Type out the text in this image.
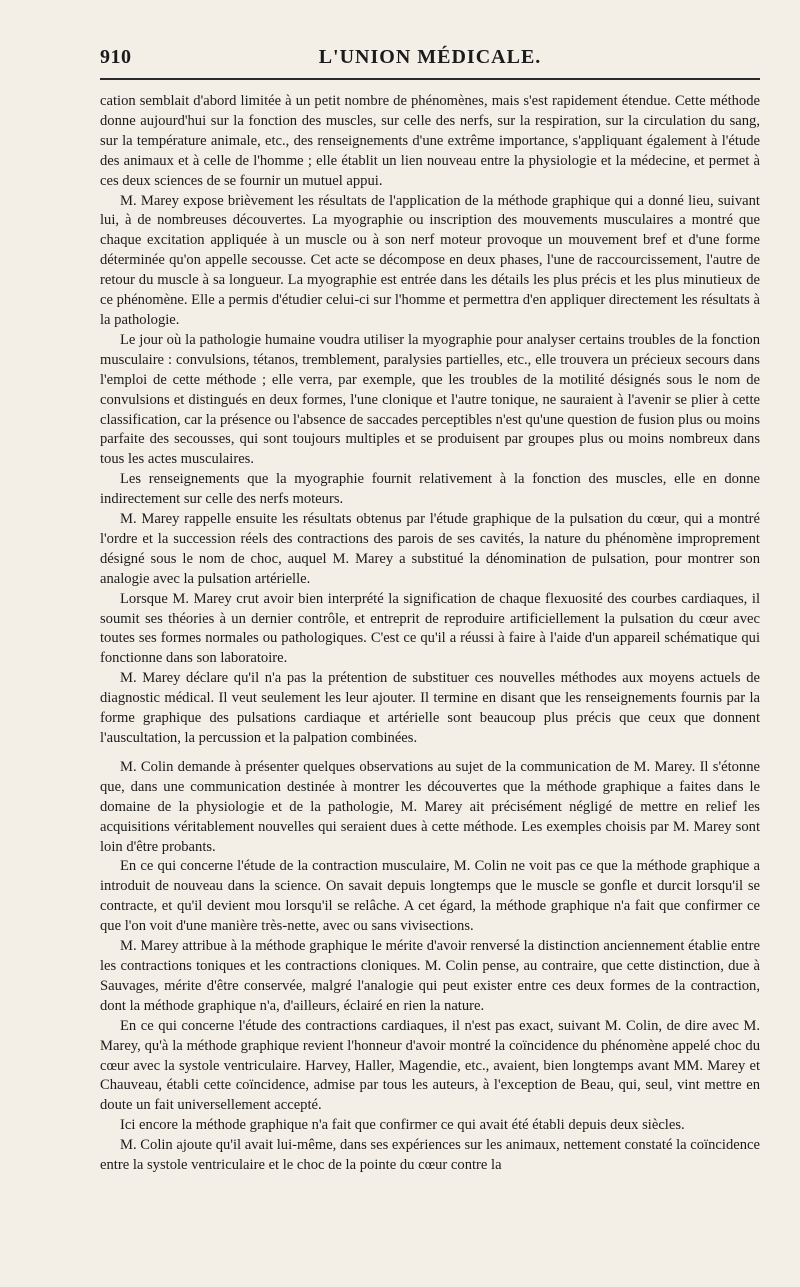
910	L'UNION MÉDICALE.

cation semblait d'abord limitée à un petit nombre de phénomènes, mais s'est rapidement étendue. Cette méthode donne aujourd'hui sur la fonction des muscles, sur celle des nerfs, sur la respiration, sur la circulation du sang, sur la température animale, etc., des renseignements d'une extrême importance, s'appliquant également à l'étude des animaux et à celle de l'homme ; elle établit un lien nouveau entre la physiologie et la médecine, et permet à ces deux sciences de se fournir un mutuel appui.

M. Marey expose brièvement les résultats de l'application de la méthode graphique qui a donné lieu, suivant lui, à de nombreuses découvertes. La myographie ou inscription des mouvements musculaires a montré que chaque excitation appliquée à un muscle ou à son nerf moteur provoque un mouvement bref et d'une forme déterminée qu'on appelle secousse. Cet acte se décompose en deux phases, l'une de raccourcissement, l'autre de retour du muscle à sa longueur. La myographie est entrée dans les détails les plus précis et les plus minutieux de ce phénomène. Elle a permis d'étudier celui-ci sur l'homme et permettra d'en appliquer directement les résultats à la pathologie.

Le jour où la pathologie humaine voudra utiliser la myographie pour analyser certains troubles de la fonction musculaire : convulsions, tétanos, tremblement, paralysies partielles, etc., elle trouvera un précieux secours dans l'emploi de cette méthode ; elle verra, par exemple, que les troubles de la motilité désignés sous le nom de convulsions et distingués en deux formes, l'une clonique et l'autre tonique, ne sauraient à l'avenir se plier à cette classification, car la présence ou l'absence de saccades perceptibles n'est qu'une question de fusion plus ou moins parfaite des secousses, qui sont toujours multiples et se produisent par groupes plus ou moins nombreux dans tous les actes musculaires.

Les renseignements que la myographie fournit relativement à la fonction des muscles, elle en donne indirectement sur celle des nerfs moteurs.

M. Marey rappelle ensuite les résultats obtenus par l'étude graphique de la pulsation du cœur, qui a montré l'ordre et la succession réels des contractions des parois de ses cavités, la nature du phénomène improprement désigné sous le nom de choc, auquel M. Marey a substitué la dénomination de pulsation, pour montrer son analogie avec la pulsation artérielle.

Lorsque M. Marey crut avoir bien interprété la signification de chaque flexuosité des courbes cardiaques, il soumit ses théories à un dernier contrôle, et entreprit de reproduire artificiellement la pulsation du cœur avec toutes ses formes normales ou pathologiques. C'est ce qu'il a réussi à faire à l'aide d'un appareil schématique qui fonctionne dans son laboratoire.

M. Marey déclare qu'il n'a pas la prétention de substituer ces nouvelles méthodes aux moyens actuels de diagnostic médical. Il veut seulement les leur ajouter. Il termine en disant que les renseignements fournis par la forme graphique des pulsations cardiaque et artérielle sont beaucoup plus précis que ceux que donnent l'auscultation, la percussion et la palpation combinées.

M. Colin demande à présenter quelques observations au sujet de la communication de M. Marey. Il s'étonne que, dans une communication destinée à montrer les découvertes que la méthode graphique a faites dans le domaine de la physiologie et de la pathologie, M. Marey ait précisément négligé de mettre en relief les acquisitions véritablement nouvelles qui seraient dues à cette méthode. Les exemples choisis par M. Marey sont loin d'être probants.

En ce qui concerne l'étude de la contraction musculaire, M. Colin ne voit pas ce que la méthode graphique a introduit de nouveau dans la science. On savait depuis longtemps que le muscle se gonfle et durcit lorsqu'il se contracte, et qu'il devient mou lorsqu'il se relâche. A cet égard, la méthode graphique n'a fait que confirmer ce que l'on voit d'une manière très-nette, avec ou sans vivisections.

M. Marey attribue à la méthode graphique le mérite d'avoir renversé la distinction anciennement établie entre les contractions toniques et les contractions cloniques. M. Colin pense, au contraire, que cette distinction, due à Sauvages, mérite d'être conservée, malgré l'analogie qui peut exister entre ces deux formes de la contraction, dont la méthode graphique n'a, d'ailleurs, éclairé en rien la nature.

En ce qui concerne l'étude des contractions cardiaques, il n'est pas exact, suivant M. Colin, de dire avec M. Marey, qu'à la méthode graphique revient l'honneur d'avoir montré la coïncidence du phénomène appelé choc du cœur avec la systole ventriculaire. Harvey, Haller, Magendie, etc., avaient, bien longtemps avant MM. Marey et Chauveau, établi cette coïncidence, admise par tous les auteurs, à l'exception de Beau, qui, seul, vint mettre en doute un fait universellement accepté.

Ici encore la méthode graphique n'a fait que confirmer ce qui avait été établi depuis deux siècles.

M. Colin ajoute qu'il avait lui-même, dans ses expériences sur les animaux, nettement constaté la coïncidence entre la systole ventriculaire et le choc de la pointe du cœur contre la
